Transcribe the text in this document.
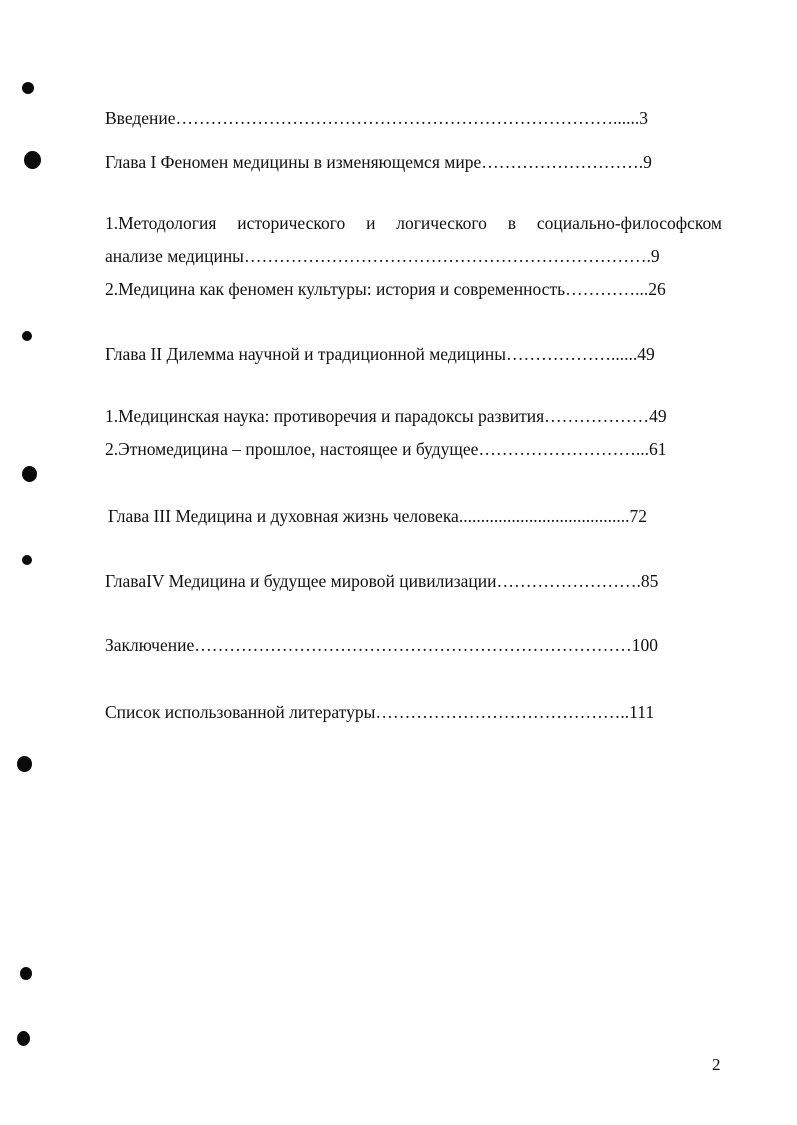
Введение…………………………………………………………………......3
Глава I Феномен медицины в изменяющемся мире……………………….9
1.Методология исторического и логического в социально-философском
анализе медицины…………………………………………………………….9
2.Медицина как феномен культуры: история и современность…………...26
Глава II Дилемма научной и традиционной медицины………………......49
1.Медицинская наука: противоречия и парадоксы развития………………49
2.Этномедицина – прошлое, настоящее и будущее………………………...61
Глава III Медицина и духовная жизнь человека.......................................72
ГлаваIV Медицина и будущее мировой цивилизации…………………….85
Заключение…………………………………………………………………100
Список использованной литературы……………………………………..111
2
